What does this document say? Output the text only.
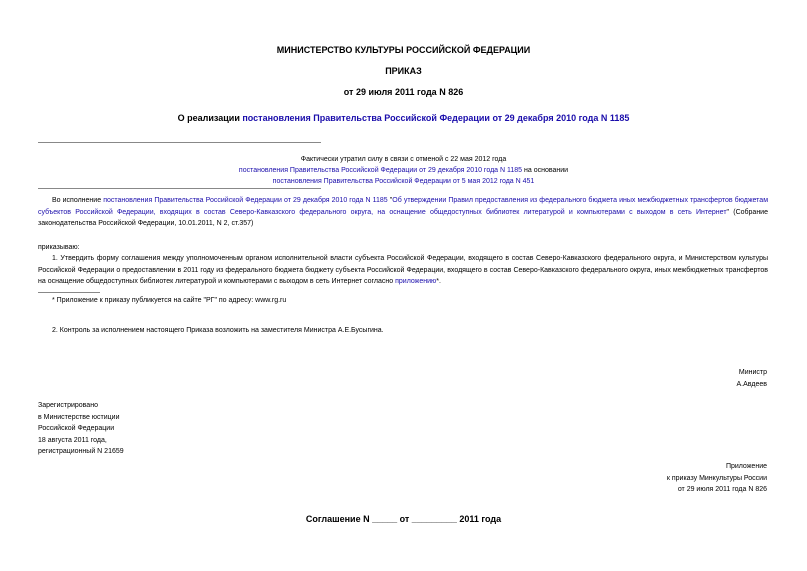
МИНИСТЕРСТВО КУЛЬТУРЫ РОССИЙСКОЙ ФЕДЕРАЦИИ
ПРИКАЗ
от 29 июля 2011 года N 826
О реализации постановления Правительства Российской Федерации от 29 декабря 2010 года N 1185
Фактически утратил силу в связи с отменой с 22 мая 2012 года
постановления Правительства Российской Федерации от 29 декабря 2010 года N 1185 на основании
постановления Правительства Российской Федерации от 5 мая 2012 года N 451
Во исполнение постановления Правительства Российской Федерации от 29 декабря 2010 года N 1185 "Об утверждении Правил предоставления из федерального бюджета иных межбюджетных трансфертов бюджетам субъектов Российской Федерации, входящих в состав Северо-Кавказского федерального округа, на оснащение общедоступных библиотек литературой и компьютерами с выходом в сеть Интернет" (Собрание законодательства Российской Федерации, 10.01.2011, N 2, ст.357)
приказываю:
1. Утвердить форму соглашения между уполномоченным органом исполнительной власти субъекта Российской Федерации, входящего в состав Северо-Кавказского федерального округа, и Министерством культуры Российской Федерации о предоставлении в 2011 году из федерального бюджета бюджету субъекта Российской Федерации, входящего в состав Северо-Кавказского федерального округа, иных межбюджетных трансфертов на оснащение общедоступных библиотек литературой и компьютерами с выходом в сеть Интернет согласно приложению*.
* Приложение к приказу публикуется на сайте "РГ" по адресу: www.rg.ru
2. Контроль за исполнением настоящего Приказа возложить на заместителя Министра А.Е.Бусыгина.
Министр
А.Авдеев
Зарегистрировано
в Министерстве юстиции
Российской Федерации
18 августа 2011 года,
регистрационный N 21659
Приложение
к приказу Минкультуры России
от 29 июля 2011 года N 826
Соглашение N _____ от _________ 2011 года
